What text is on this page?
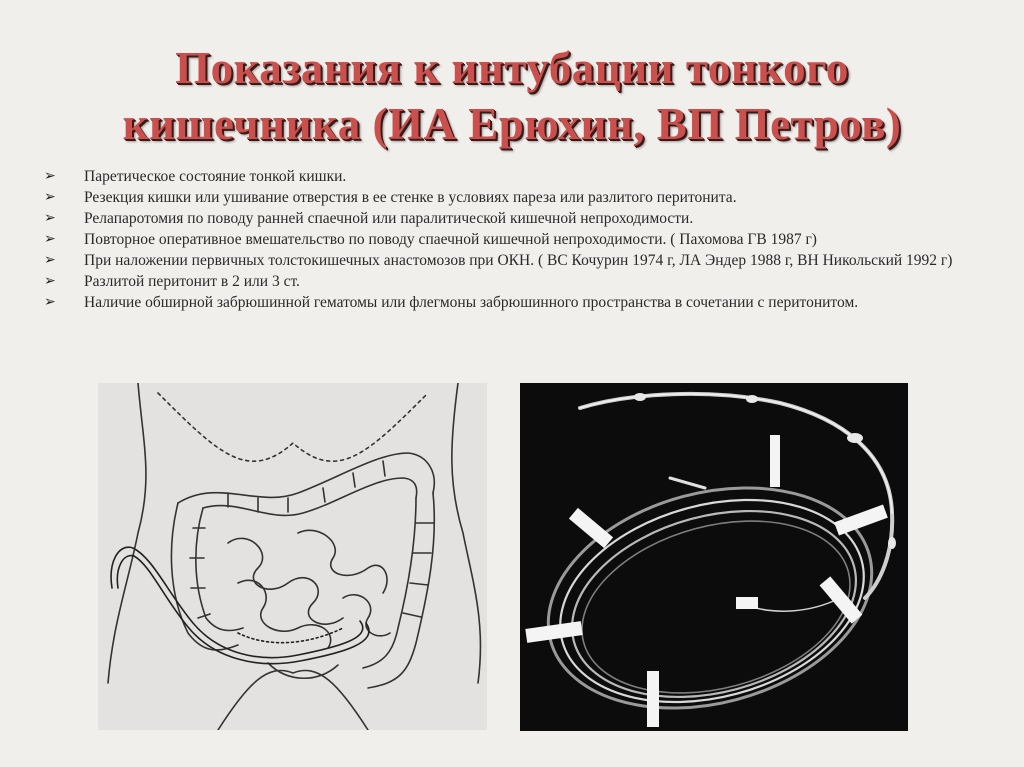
Показания к интубации тонкого
кишечника (ИА Ерюхин, ВП Петров)
➢ Паретическое состояние тонкой кишки.
➢ Резекция кишки или ушивание отверстия в ее стенке в условиях пареза или разлитого перитонита.
➢ Релапаротомия по поводу ранней спаечной или паралитической кишечной непроходимости.
➢ Повторное оперативное вмешательство по поводу спаечной кишечной непроходимости. ( Пахомова ГВ 1987 г)
➢ При наложении первичных толстокишечных анастомозов при ОКН. ( ВС Кочурин 1974 г, ЛА Эндер 1988 г, ВН Никольский 1992 г)
➢ Разлитой перитонит в 2 или 3 ст.
➢ Наличие обширной забрюшинной гематомы или флегмоны забрюшинного пространства в сочетании с перитонитом.
